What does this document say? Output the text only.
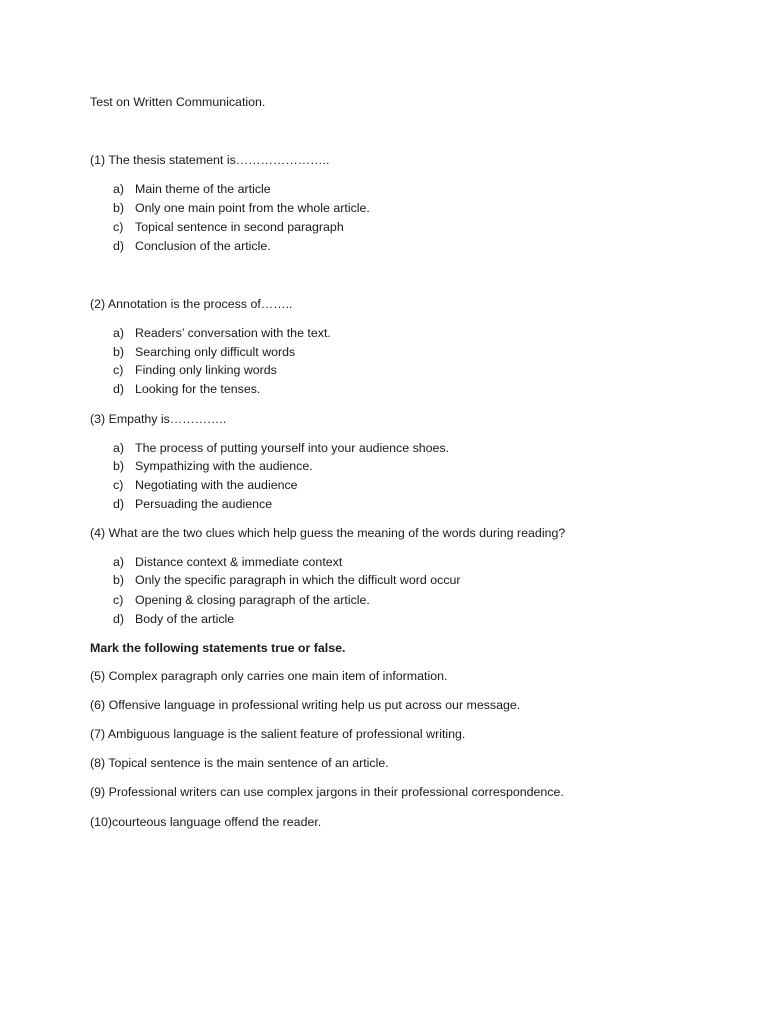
Test on Written Communication.
(1) The thesis statement is…………………..
a) Main theme of the article
b) Only one main point from the whole article.
c) Topical sentence in second paragraph
d) Conclusion of the article.
(2) Annotation is the process of……..
a) Readers’ conversation with the text.
b) Searching only difficult words
c) Finding only linking words
d) Looking for the tenses.
(3) Empathy is…………..
a) The process of putting yourself into your audience shoes.
b) Sympathizing with the audience.
c) Negotiating with the audience
d) Persuading the audience
(4) What are the two clues which help guess the meaning of the words during reading?
a) Distance context & immediate context
b) Only the specific paragraph in which the difficult word occur
c) Opening & closing paragraph of the article.
d) Body of the article
Mark the following statements true or false.
(5) Complex paragraph only carries one main item of information.
(6) Offensive language in professional writing help us put across our message.
(7) Ambiguous language is the salient feature of professional writing.
(8) Topical sentence is the main sentence of an article.
(9) Professional writers can use complex jargons in their professional correspondence.
(10)courteous language offend the reader.
